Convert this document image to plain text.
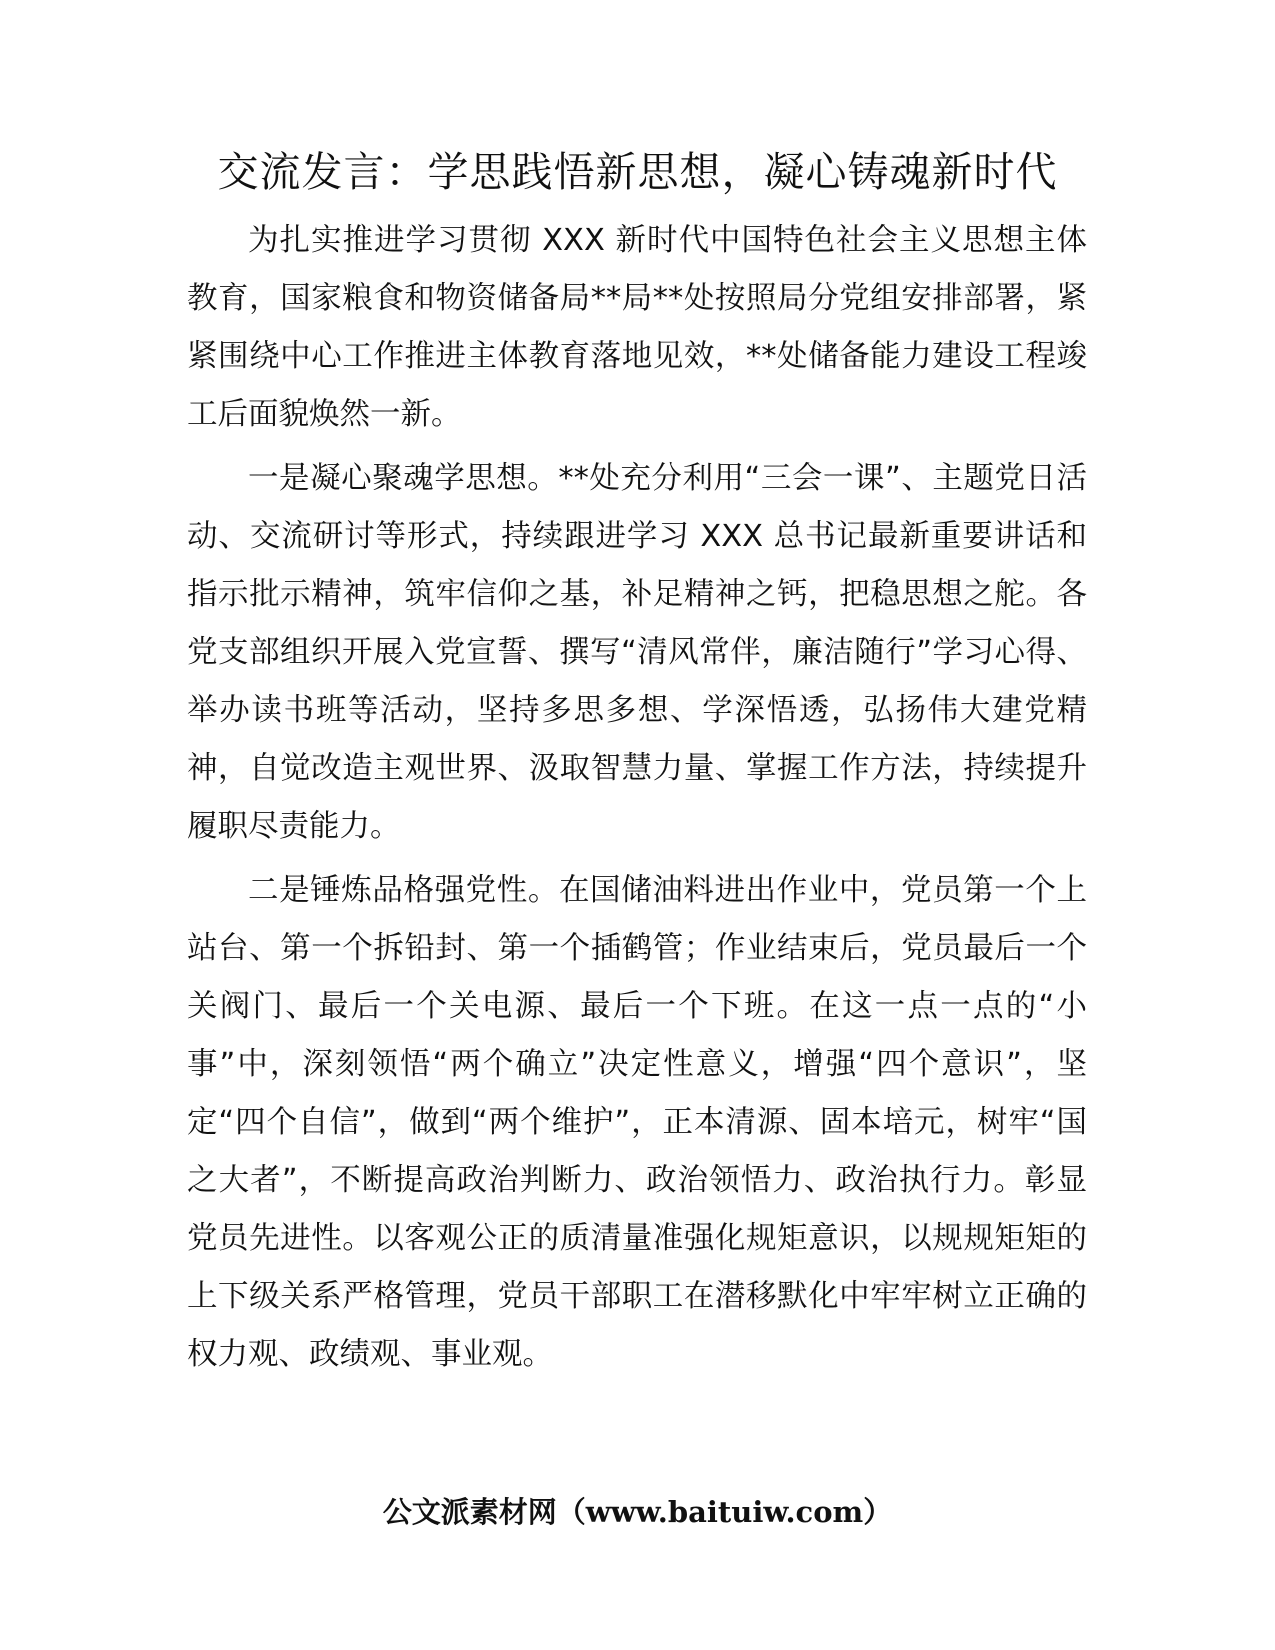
交流发言：学思践悟新思想，凝心铸魂新时代

为扎实推进学习贯彻 XXX 新时代中国特色社会主义思想主体教育，国家粮食和物资储备局**局**处按照局分党组安排部署，紧紧围绕中心工作推进主体教育落地见效，**处储备能力建设工程竣工后面貌焕然一新。

一是凝心聚魂学思想。**处充分利用“三会一课”、主题党日活动、交流研讨等形式，持续跟进学习 XXX 总书记最新重要讲话和指示批示精神，筑牢信仰之基，补足精神之钙，把稳思想之舵。各党支部组织开展入党宣誓、撰写“清风常伴，廉洁随行”学习心得、举办读书班等活动，坚持多思多想、学深悟透，弘扬伟大建党精神，自觉改造主观世界、汲取智慧力量、掌握工作方法，持续提升履职尽责能力。

二是锤炼品格强党性。在国储油料进出作业中，党员第一个上站台、第一个拆铅封、第一个插鹤管；作业结束后，党员最后一个关阀门、最后一个关电源、最后一个下班。在这一点一点的“小事”中，深刻领悟“两个确立”决定性意义，增强“四个意识”，坚定“四个自信”，做到“两个维护”，正本清源、固本培元，树牢“国之大者”，不断提高政治判断力、政治领悟力、政治执行力。彰显党员先进性。以客观公正的质清量准强化规矩意识，以规规矩矩的上下级关系严格管理，党员干部职工在潜移默化中牢牢树立正确的权力观、政绩观、事业观。

公文派素材网（www.baituiw.com）
